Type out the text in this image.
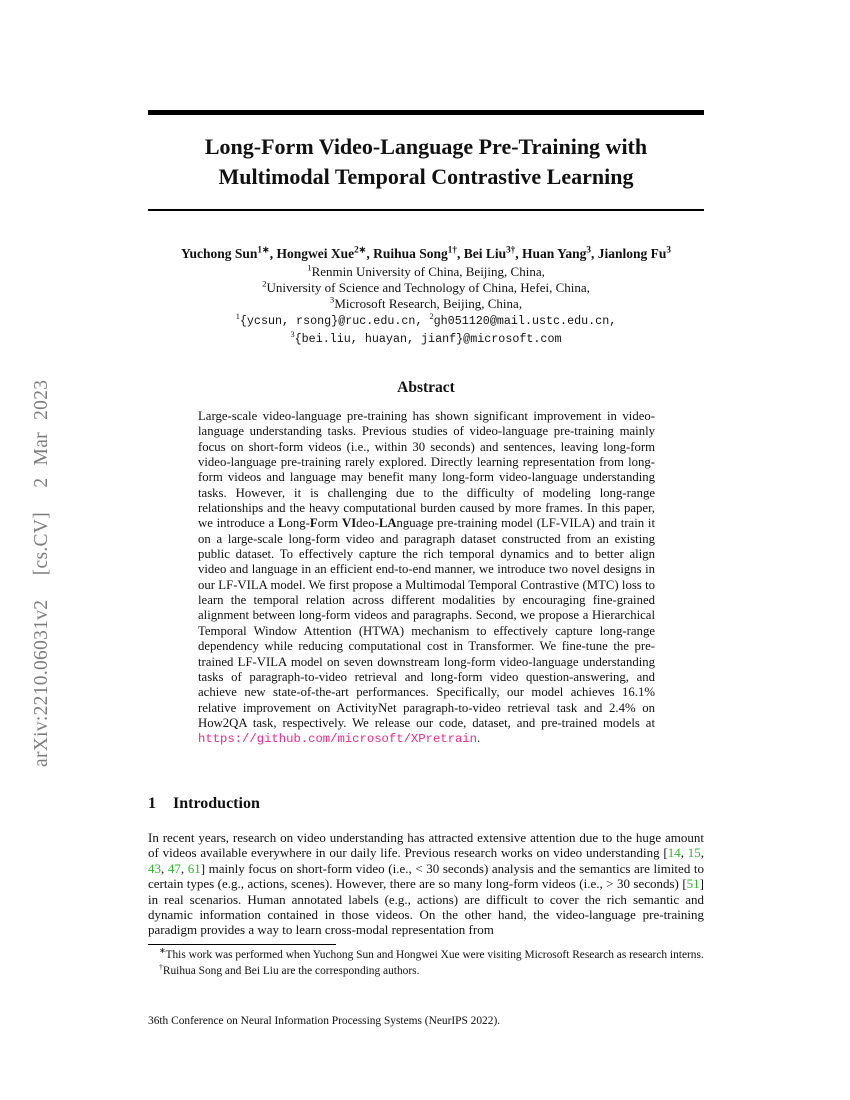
arXiv:2210.06031v2  [cs.CV]  2 Mar 2023
Long-Form Video-Language Pre-Training with Multimodal Temporal Contrastive Learning
Yuchong Sun$^{1∗}$, Hongwei Xue$^{2∗}$, Ruihua Song$^{1\dagger}$, Bei Liu$^{3\dagger}$, Huan Yang$^3$, Jianlong Fu$^3$
$^1$Renmin University of China, Beijing, China,
$^2$University of Science and Technology of China, Hefei, China,
$^3$Microsoft Research, Beijing, China,
$^1${ycsun, rsong}@ruc.edu.cn, $^2$gh051120@mail.ustc.edu.cn,
$^3${bei.liu, huayan, jianf}@microsoft.com
Abstract
Large-scale video-language pre-training has shown significant improvement in video-language understanding tasks. Previous studies of video-language pre-training mainly focus on short-form videos (i.e., within 30 seconds) and sentences, leaving long-form video-language pre-training rarely explored. Directly learning representation from long-form videos and language may benefit many long-form video-language understanding tasks. However, it is challenging due to the difficulty of modeling long-range relationships and the heavy computational burden caused by more frames. In this paper, we introduce a Long-Form VIdeo-LAnguage pre-training model (LF-VILA) and train it on a large-scale long-form video and paragraph dataset constructed from an existing public dataset. To effectively capture the rich temporal dynamics and to better align video and language in an efficient end-to-end manner, we introduce two novel designs in our LF-VILA model. We first propose a Multimodal Temporal Contrastive (MTC) loss to learn the temporal relation across different modalities by encouraging fine-grained alignment between long-form videos and paragraphs. Second, we propose a Hierarchical Temporal Window Attention (HTWA) mechanism to effectively capture long-range dependency while reducing computational cost in Transformer. We fine-tune the pre-trained LF-VILA model on seven downstream long-form video-language understanding tasks of paragraph-to-video retrieval and long-form video question-answering, and achieve new state-of-the-art performances. Specifically, our model achieves 16.1% relative improvement on ActivityNet paragraph-to-video retrieval task and 2.4% on How2QA task, respectively. We release our code, dataset, and pre-trained models at https://github.com/microsoft/XPretrain.
1 Introduction
In recent years, research on video understanding has attracted extensive attention due to the huge amount of videos available everywhere in our daily life. Previous research works on video understanding [14, 15, 43, 47, 61] mainly focus on short-form video (i.e., < 30 seconds) analysis and the semantics are limited to certain types (e.g., actions, scenes). However, there are so many long-form videos (i.e., > 30 seconds) [51] in real scenarios. Human annotated labels (e.g., actions) are difficult to cover the rich semantic and dynamic information contained in those videos. On the other hand, the video-language pre-training paradigm provides a way to learn cross-modal representation from

∗This work was performed when Yuchong Sun and Hongwei Xue were visiting Microsoft Research as research interns.

†Ruihua Song and Bei Liu are the corresponding authors.

36th Conference on Neural Information Processing Systems (NeurIPS 2022).
